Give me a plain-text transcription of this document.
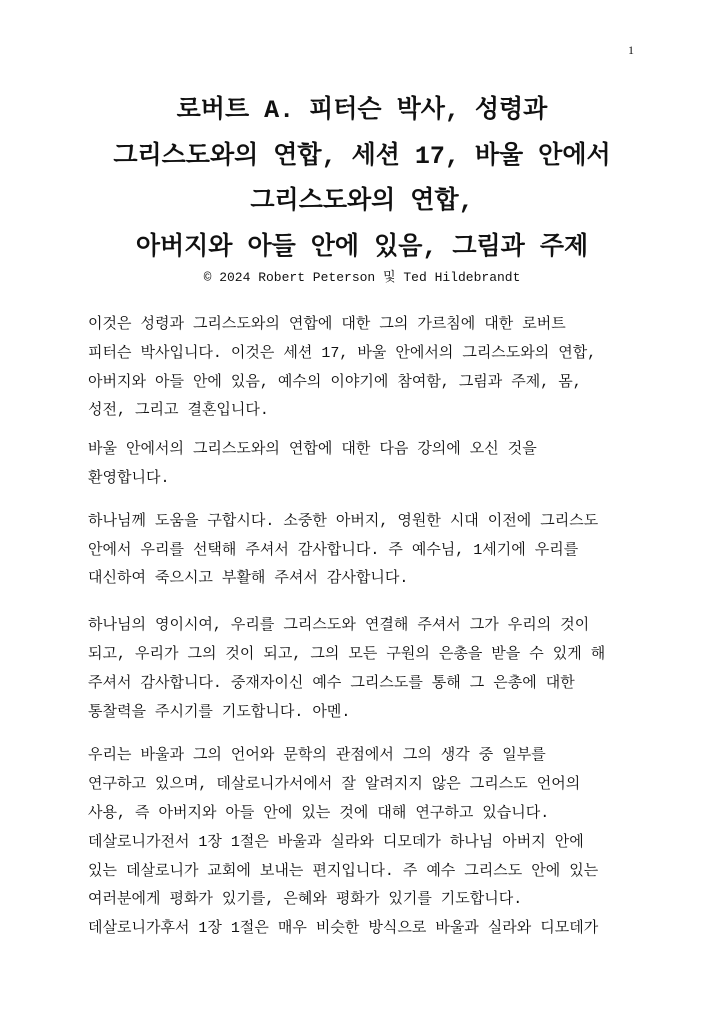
1
로버트 A. 피터슨 박사, 성령과
그리스도와의 연합, 세션 17, 바울 안에서
그리스도와의 연합,
아버지와 아들 안에 있음, 그림과 주제
© 2024 Robert Peterson 및 Ted Hildebrandt

이것은 성령과 그리스도와의 연합에 대한 그의 가르침에 대한 로버트
피터슨 박사입니다. 이것은 세션 17, 바울 안에서의 그리스도와의 연합,
아버지와 아들 안에 있음, 예수의 이야기에 참여함, 그림과 주제, 몸,
성전, 그리고 결혼입니다.

바울 안에서의 그리스도와의 연합에 대한 다음 강의에 오신 것을
환영합니다.

하나님께 도움을 구합시다. 소중한 아버지, 영원한 시대 이전에 그리스도
안에서 우리를 선택해 주셔서 감사합니다. 주 예수님, 1세기에 우리를
대신하여 죽으시고 부활해 주셔서 감사합니다.

하나님의 영이시여, 우리를 그리스도와 연결해 주셔서 그가 우리의 것이
되고, 우리가 그의 것이 되고, 그의 모든 구원의 은총을 받을 수 있게 해
주셔서 감사합니다. 중재자이신 예수 그리스도를 통해 그 은총에 대한
통찰력을 주시기를 기도합니다. 아멘.

우리는 바울과 그의 언어와 문학의 관점에서 그의 생각 중 일부를
연구하고 있으며, 데살로니가서에서 잘 알려지지 않은 그리스도 언어의
사용, 즉 아버지와 아들 안에 있는 것에 대해 연구하고 있습니다.
데살로니가전서 1장 1절은 바울과 실라와 디모데가 하나님 아버지 안에
있는 데살로니가 교회에 보내는 편지입니다. 주 예수 그리스도 안에 있는
여러분에게 평화가 있기를, 은혜와 평화가 있기를 기도합니다.
데살로니가후서 1장 1절은 매우 비슷한 방식으로 바울과 실라와 디모데가
